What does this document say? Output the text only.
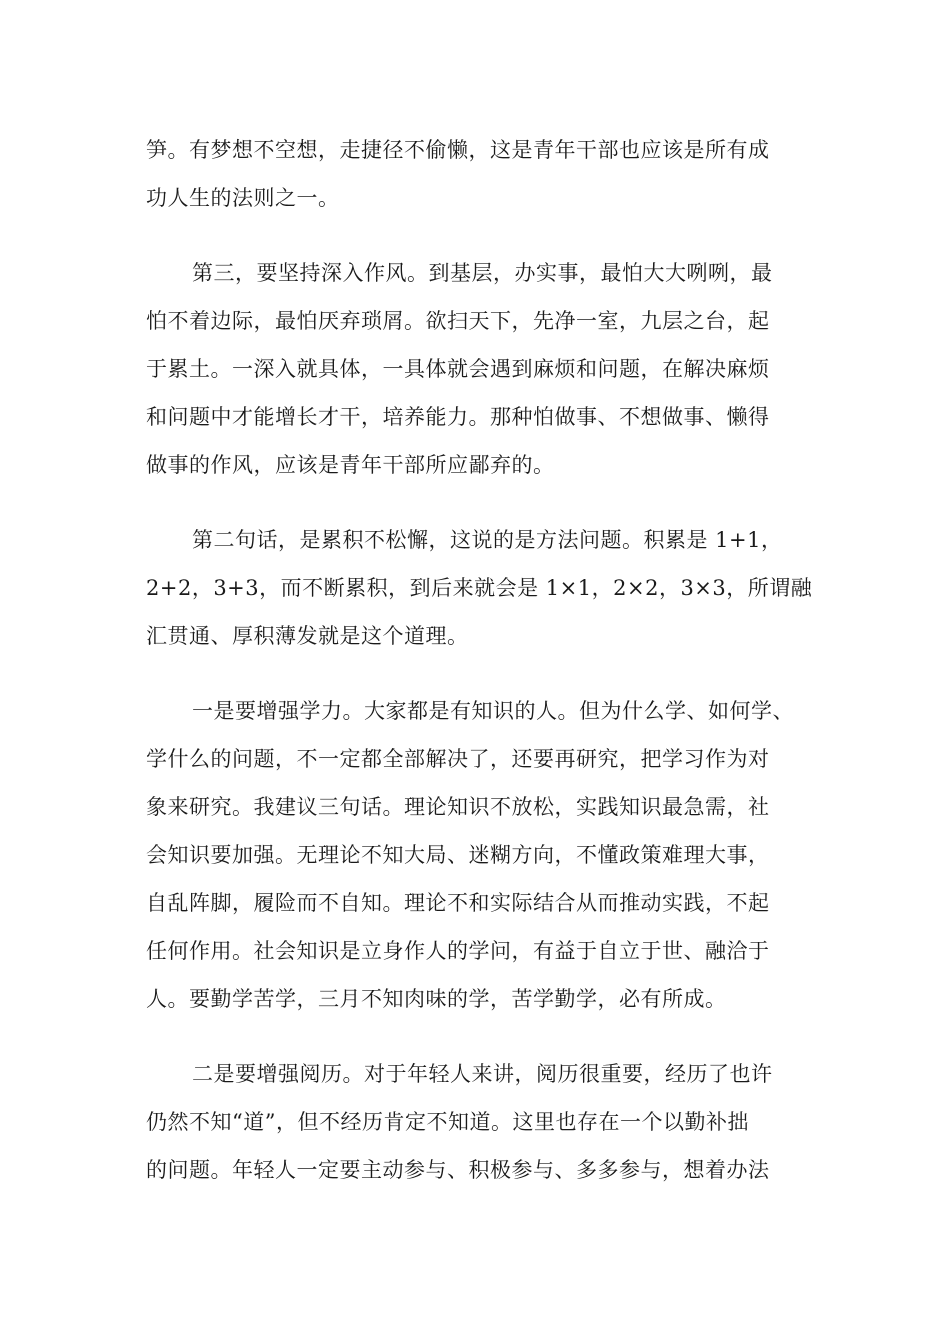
笋。有梦想不空想，走捷径不偷懒，这是青年干部也应该是所有成
功人生的法则之一。
第三，要坚持深入作风。到基层，办实事，最怕大大咧咧，最
怕不着边际，最怕厌弃琐屑。欲扫天下，先净一室，九层之台，起
于累土。一深入就具体，一具体就会遇到麻烦和问题，在解决麻烦
和问题中才能增长才干，培养能力。那种怕做事、不想做事、懒得
做事的作风，应该是青年干部所应鄙弃的。
第二句话，是累积不松懈，这说的是方法问题。积累是 1+1，
2+2，3+3，而不断累积，到后来就会是 1×1，2×2，3×3，所谓融
汇贯通、厚积薄发就是这个道理。
一是要增强学力。大家都是有知识的人。但为什么学、如何学、
学什么的问题，不一定都全部解决了，还要再研究，把学习作为对
象来研究。我建议三句话。理论知识不放松，实践知识最急需，社
会知识要加强。无理论不知大局、迷糊方向，不懂政策难理大事，
自乱阵脚，履险而不自知。理论不和实际结合从而推动实践，不起
任何作用。社会知识是立身作人的学问，有益于自立于世、融洽于
人。要勤学苦学，三月不知肉味的学，苦学勤学，必有所成。
二是要增强阅历。对于年轻人来讲，阅历很重要，经历了也许
仍然不知“道”，但不经历肯定不知道。这里也存在一个以勤补拙
的问题。年轻人一定要主动参与、积极参与、多多参与，想着办法
